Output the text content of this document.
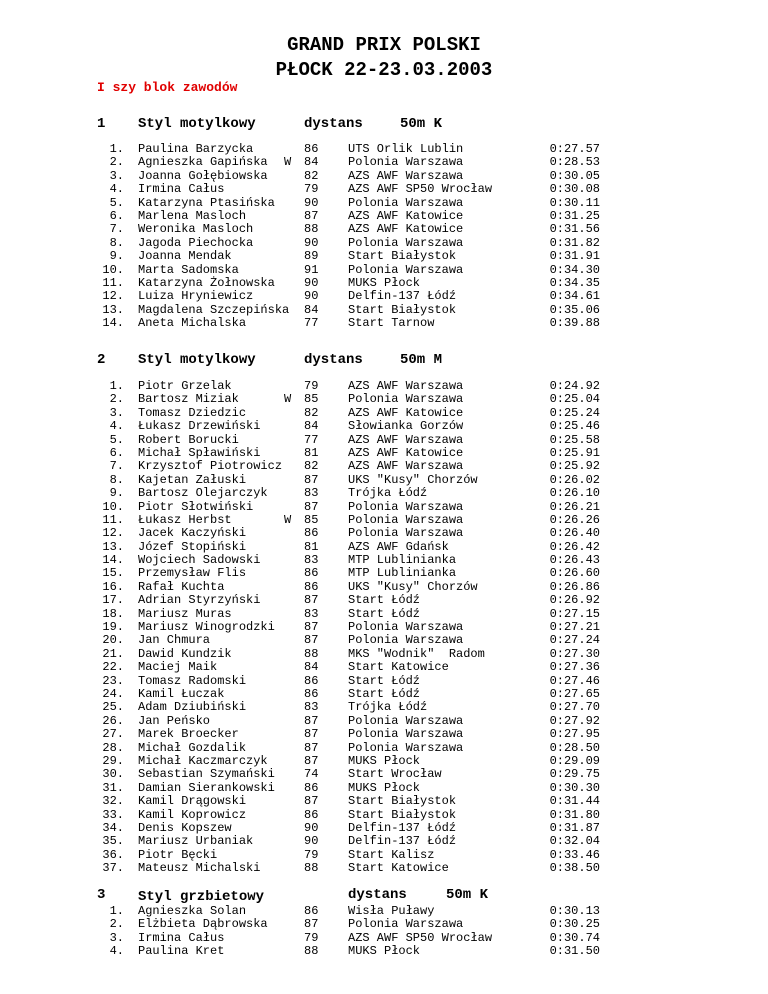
GRAND PRIX POLSKI
PŁOCK 22-23.03.2003
I szy blok zawodów
1 Styl motylkowy	dystans	50m K
1. Paulina Barzycka	86 UTS Orlik Lublin	0:27.57
2. Agnieszka Gapińska W 84 Polonia Warszawa	0:28.53
3. Joanna Gołębiowska	82 AZS AWF Warszawa	0:30.05
4. Irmina Całus	79 AZS AWF SP50 Wrocław	0:30.08
5. Katarzyna Ptasińska 90 Polonia Warszawa	0:30.11
6. Marlena Masloch	87 AZS AWF Katowice	0:31.25
7. Weronika Masloch	88 AZS AWF Katowice	0:31.56
8. Jagoda Piechocka	90 Polonia Warszawa	0:31.82
9. Joanna Mendak	89 Start Białystok	0:31.91
10. Marta Sadomska	91 Polonia Warszawa	0:34.30
11. Katarzyna Żołnowska 90 MUKS Płock	0:34.35
12. Luiza Hryniewicz	90 Delfin-137 Łódź	0:34.61
13. Magdalena Szczepińska 84 Start Białystok	0:35.06
14. Aneta Michalska	77 Start Tarnow	0:39.88
2 Styl motylkowy	dystans	50m M
1. Piotr Grzelak	79 AZS AWF Warszawa	0:24.92
2. Bartosz Miziak	W 85 Polonia Warszawa	0:25.04
3. Tomasz Dziedzic	82 AZS AWF Katowice	0:25.24
4. Łukasz Drzewiński	84 Słowianka Gorzów	0:25.46
5. Robert Borucki	77 AZS AWF Warszawa	0:25.58
6. Michał Spławiński	81 AZS AWF Katowice	0:25.91
7. Krzysztof Piotrowicz 82 AZS AWF Warszawa	0:25.92
8. Kajetan Załuski	87 UKS "Kusy" Chorzów	0:26.02
9. Bartosz Olejarczyk	83 Trójka Łódź	0:26.10
10. Piotr Słotwiński	87 Polonia Warszawa	0:26.21
11. Łukasz Herbst	W 85 Polonia Warszawa	0:26.26
12. Jacek Kaczyński	86 Polonia Warszawa	0:26.40
13. Józef Stopiński	81 AZS AWF Gdańsk	0:26.42
14. Wojciech Sadowski	83 MTP Lublinianka	0:26.43
15. Przemysław Flis	86 MTP Lublinianka	0:26.60
16. Rafał Kuchta	86 UKS "Kusy" Chorzów	0:26.86
17. Adrian Styrzyński	87 Start Łódź	0:26.92
18. Mariusz Muras	83 Start Łódź	0:27.15
19. Mariusz Winogrodzki 87 Polonia Warszawa	0:27.21
20. Jan Chmura	87 Polonia Warszawa	0:27.24
21. Dawid Kundzik	88 MKS "Wodnik"  Radom	0:27.30
22. Maciej Maik	84 Start Katowice	0:27.36
23. Tomasz Radomski	86 Start Łódź	0:27.46
24. Kamil Łuczak	86 Start Łódź	0:27.65
25. Adam Dziubiński	83 Trójka Łódź	0:27.70
26. Jan Peńsko	87 Polonia Warszawa	0:27.92
27. Marek Broecker	87 Polonia Warszawa	0:27.95
28. Michał Gozdalik	87 Polonia Warszawa	0:28.50
29. Michał Kaczmarczyk	87 MUKS Płock	0:29.09
30. Sebastian Szymański 74 Start Wrocław	0:29.75
31. Damian Sierankowski 86 MUKS Płock	0:30.30
32. Kamil Drągowski	87 Start Białystok	0:31.44
33. Kamil Koprowicz	86 Start Białystok	0:31.80
34. Denis Kopszew	90 Delfin-137 Łódź	0:31.87
35. Mariusz Urbaniak	90 Delfin-137 Łódź	0:32.04
36. Piotr Bęcki	79 Start Kalisz	0:33.46
37. Mateusz Michalski	88 Start Katowice	0:38.50
3 Styl grzbietowy	dystans	50m K
1. Agnieszka Solan	86 Wisła Puławy	0:30.13
2. Elżbieta Dąbrowska	87 Polonia Warszawa	0:30.25
3. Irmina Całus	79 AZS AWF SP50 Wrocław	0:30.74
4. Paulina Kret	88 MUKS Płock	0:31.50
